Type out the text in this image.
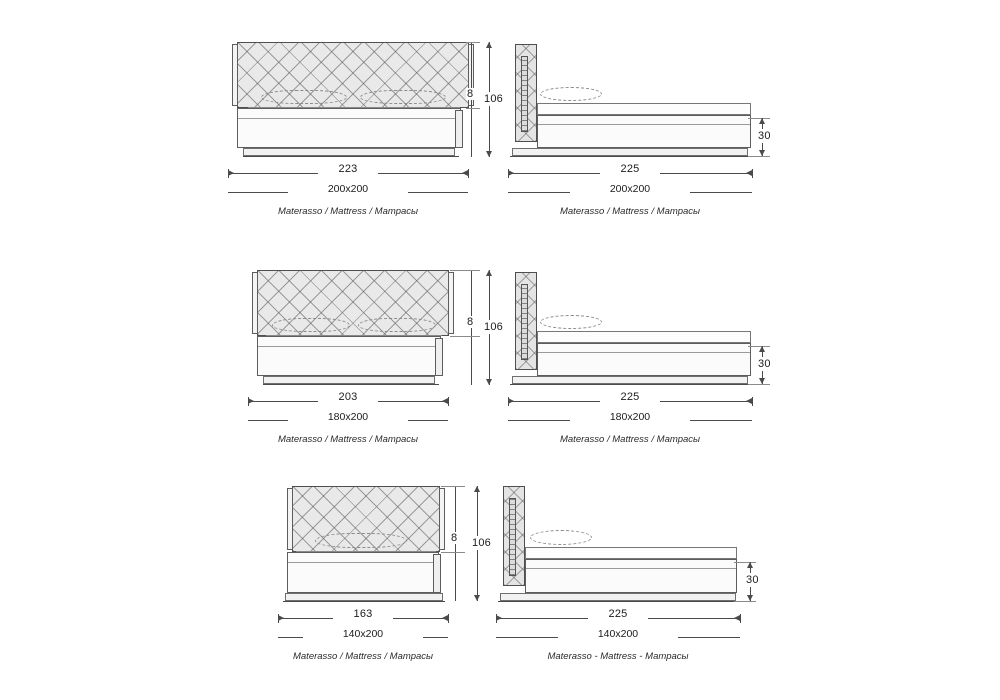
223
200x200
Materasso / Mattress / Матрасы
8 106
225
200x200
Materasso / Mattress / Матрасы
30
203
180x200
Materasso / Mattress / Матрасы
8 106
225
180x200
Materasso / Mattress / Матрасы
30
163
140x200
Materasso / Mattress / Матрасы
8 106
225
140x200
Materasso - Mattress - Матрасы
30
